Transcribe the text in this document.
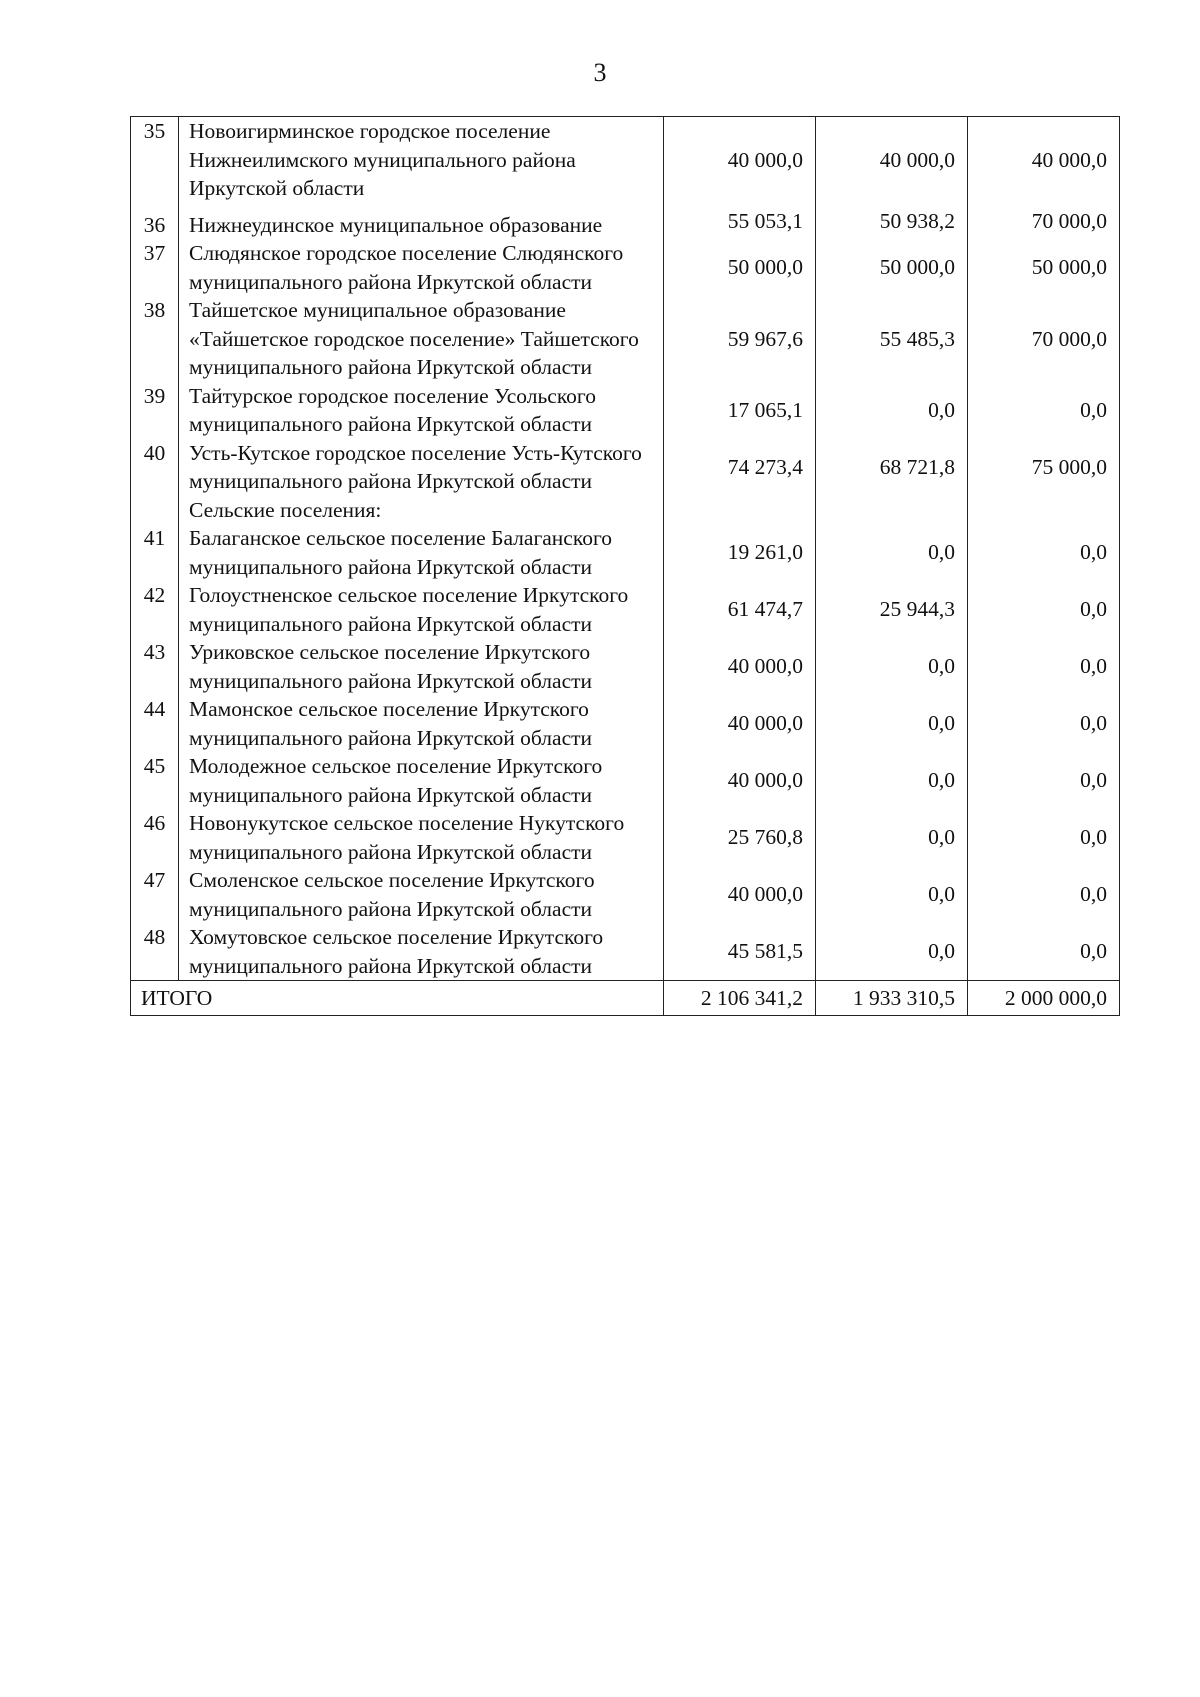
3
35	Новоигирминское городское поселение Нижнеилимского муниципального района Иркутской области	40 000,0	40 000,0	40 000,0
36	Нижнеудинское муниципальное образование	55 053,1	50 938,2	70 000,0
37	Слюдянское городское поселение Слюдянского муниципального района Иркутской области	50 000,0	50 000,0	50 000,0
38	Тайшетское муниципальное образование «Тайшетское городское поселение» Тайшетского муниципального района Иркутской области	59 967,6	55 485,3	70 000,0
39	Тайтурское городское поселение Усольского муниципального района Иркутской области	17 065,1	0,0	0,0
40	Усть-Кутское городское поселение Усть-Кутского муниципального района Иркутской области	74 273,4	68 721,8	75 000,0
	Сельские поселения:			
41	Балаганское сельское поселение Балаганского муниципального района Иркутской области	19 261,0	0,0	0,0
42	Голоустненское сельское поселение Иркутского муниципального района Иркутской области	61 474,7	25 944,3	0,0
43	Уриковское сельское поселение Иркутского муниципального района Иркутской области	40 000,0	0,0	0,0
44	Мамонское сельское поселение Иркутского муниципального района Иркутской области	40 000,0	0,0	0,0
45	Молодежное сельское поселение Иркутского муниципального района Иркутской области	40 000,0	0,0	0,0
46	Новонукутское сельское поселение Нукутского муниципального района Иркутской области	25 760,8	0,0	0,0
47	Смоленское сельское поселение Иркутского муниципального района Иркутской области	40 000,0	0,0	0,0
48	Хомутовское сельское поселение Иркутского муниципального района Иркутской области	45 581,5	0,0	0,0
ИТОГО		2 106 341,2	1 933 310,5	2 000 000,0
